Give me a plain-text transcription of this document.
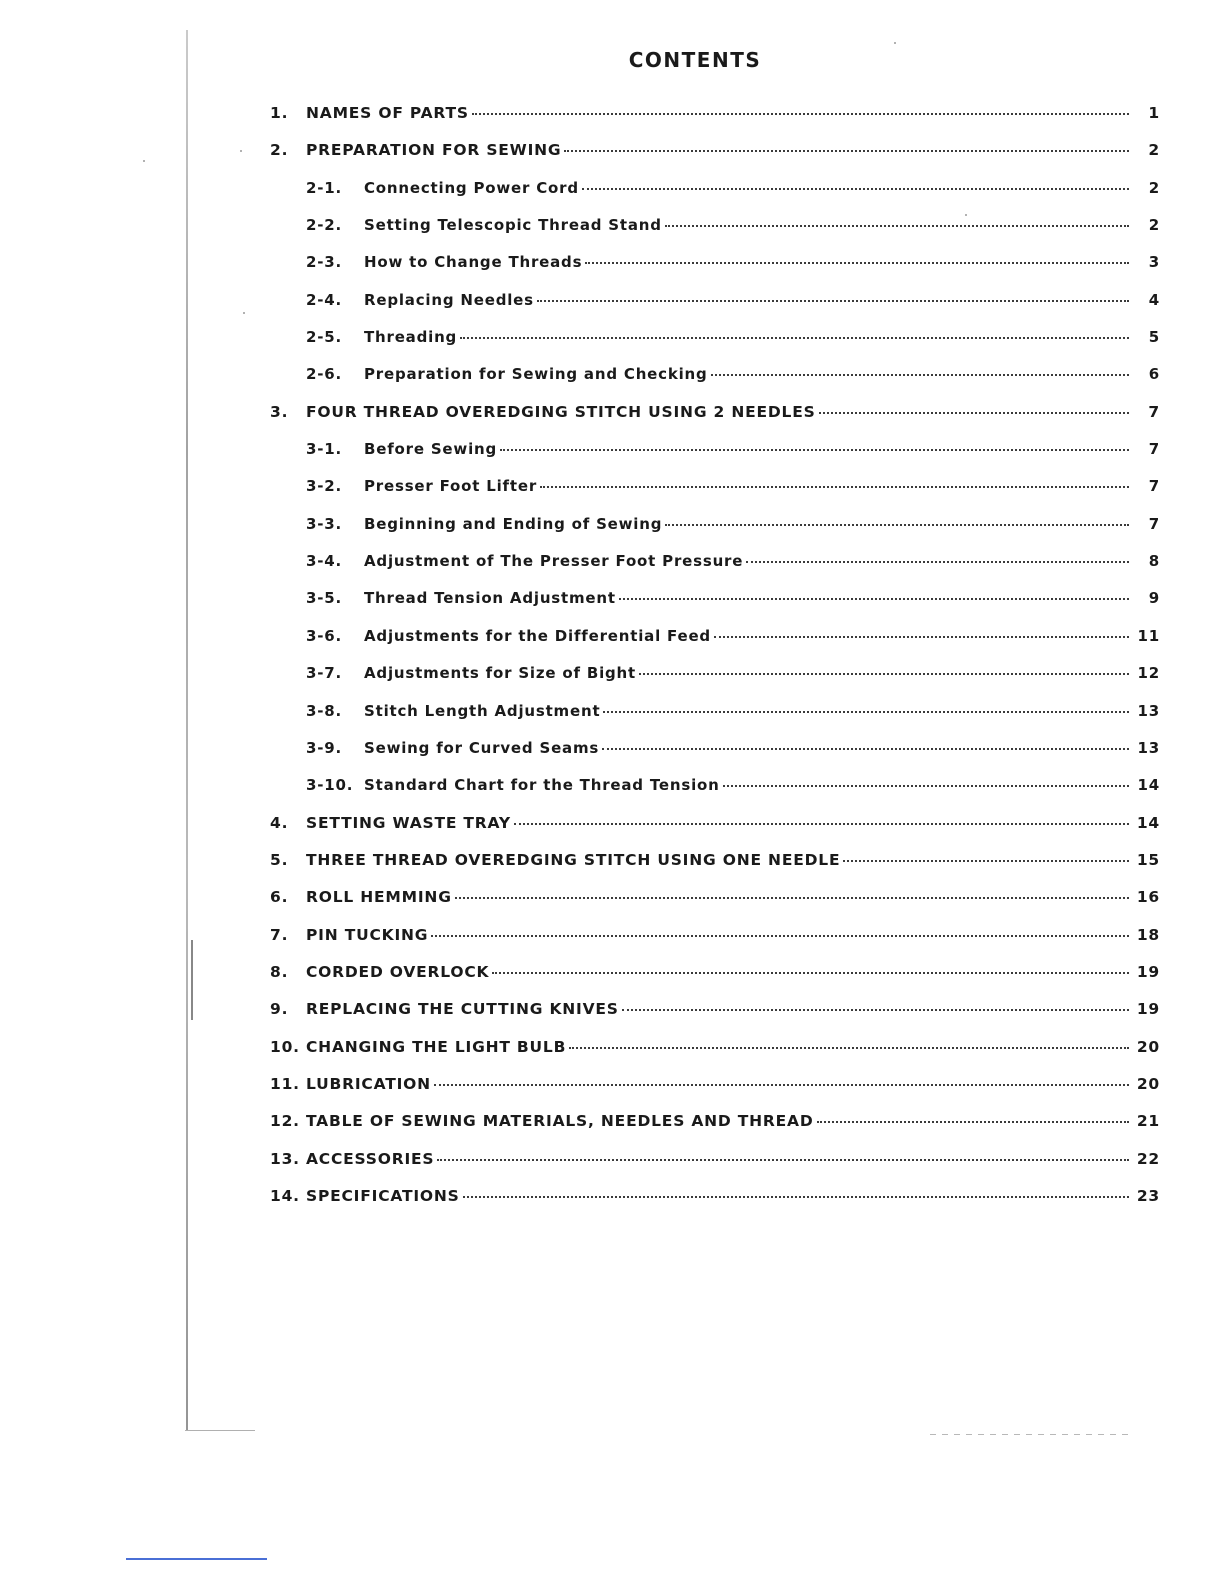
CONTENTS
1.	NAMES OF PARTS	1
2.	PREPARATION FOR SEWING	2
2-1.	Connecting Power Cord	2
2-2.	Setting Telescopic Thread Stand	2
2-3.	How to Change Threads	3
2-4.	Replacing Needles	4
2-5.	Threading	5
2-6.	Preparation for Sewing and Checking	6
3.	FOUR THREAD OVEREDGING STITCH USING 2 NEEDLES	7
3-1.	Before Sewing	7
3-2.	Presser Foot Lifter	7
3-3.	Beginning and Ending of Sewing	7
3-4.	Adjustment of The Presser Foot Pressure	8
3-5.	Thread Tension Adjustment	9
3-6.	Adjustments for the Differential Feed	11
3-7.	Adjustments for Size of Bight	12
3-8.	Stitch Length Adjustment	13
3-9.	Sewing for Curved Seams	13
3-10. Standard Chart for the Thread Tension	14
4.	SETTING WASTE TRAY	14
5.	THREE THREAD OVEREDGING STITCH USING ONE NEEDLE	15
6.	ROLL HEMMING	16
7.	PIN TUCKING	18
8.	CORDED OVERLOCK	19
9.	REPLACING THE CUTTING KNIVES	19
10. CHANGING THE LIGHT BULB	20
11. LUBRICATION	20
12. TABLE OF SEWING MATERIALS, NEEDLES AND THREAD	21
13. ACCESSORIES	22
14. SPECIFICATIONS	23
